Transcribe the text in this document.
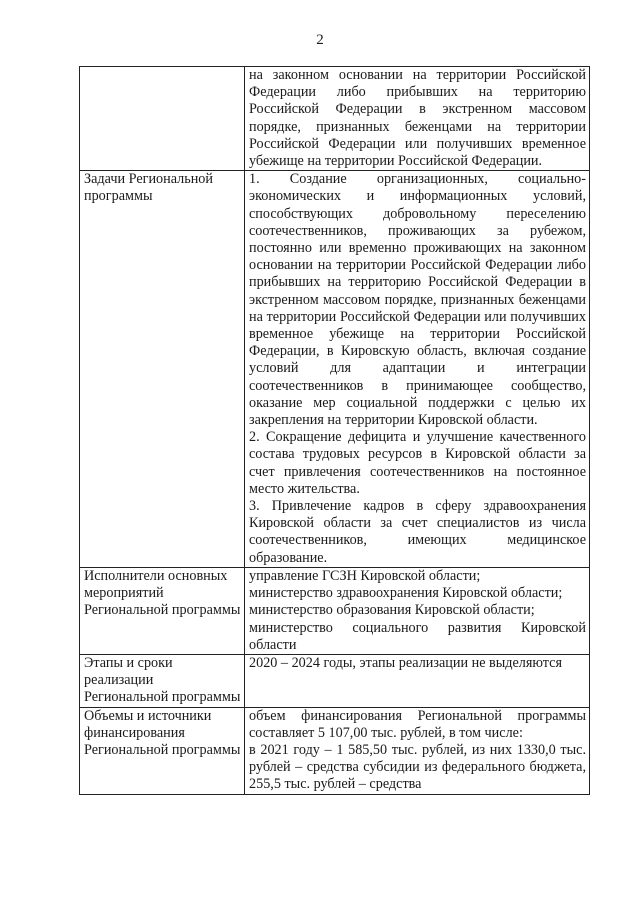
2

	на законном основании на территории Российской Федерации либо прибывших на территорию Российской Федерации в экстренном массовом порядке, признанных беженцами на территории Российской Федерации или получивших временное убежище на территории Российской Федерации.

Задачи Региональной программы	1. Создание организационных, социально-экономических и информационных условий, способствующих добровольному переселению соотечественников, проживающих за рубежом, постоянно или временно проживающих на законном основании на территории Российской Федерации либо прибывших на территорию Российской Федерации в экстренном массовом порядке, признанных беженцами на территории Российской Федерации или получивших временное убежище на территории Российской Федерации, в Кировскую область, включая создание условий для адаптации и интеграции соотечественников в принимающее сообщество, оказание мер социальной поддержки с целью их закрепления на территории Кировской области.

2. Сокращение дефицита и улучшение качественного состава трудовых ресурсов в Кировской области за счет привлечения соотечественников на постоянное место жительства.

3. Привлечение кадров в сферу здравоохранения Кировской области за счет специалистов из числа соотечественников, имеющих медицинское образование.

Исполнители основных мероприятий Региональной программы	управление ГСЗН Кировской области;

министерство здравоохранения Кировской области;

министерство образования Кировской области;

министерство социального развития Кировской области

Этапы и сроки реализации Региональной программы	2020 – 2024 годы, этапы реализации не выделяются

Объемы и источники финансирования Региональной программы	объем финансирования Региональной программы составляет 5 107,00 тыс. рублей, в том числе:

в 2021 году – 1 585,50 тыс. рублей, из них 1330,0 тыс. рублей – средства субсидии из федерального бюджета, 255,5 тыс. рублей – средства
